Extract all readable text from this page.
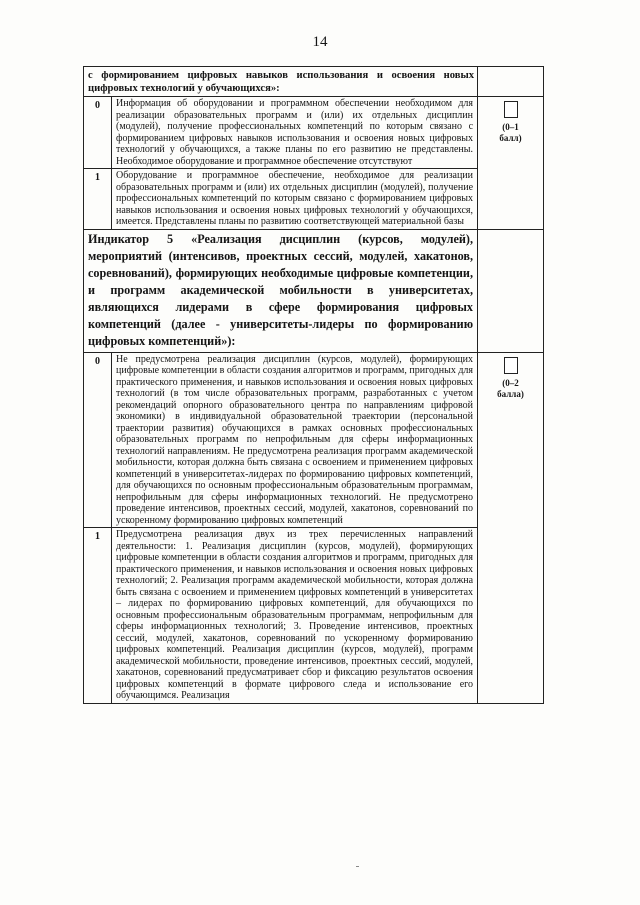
14
с формированием цифровых навыков использования и освоения новых цифровых технологий у обучающихся»:		

0	Информация об оборудовании и программном обеспечении необходимом для реализации образовательных программ и (или) их отдельных дисциплин (модулей), получение профессиональных компетенций по которым связано с формированием цифровых навыков использования и освоения новых цифровых технологий у обучающихся, а также планы по его развитию не представлены. Необходимое оборудование и программное обеспечение отсутствуют	(0–1
балл)

1	Оборудование и программное обеспечение, необходимое для реализации образовательных программ и (или) их отдельных дисциплин (модулей), получение профессиональных компетенций по которым связано с формированием цифровых навыков использования и освоения новых цифровых технологий у обучающихся, имеется. Представлены планы по развитию соответствующей материальной базы	

Индикатор 5 «Реализация дисциплин (курсов, модулей), мероприятий (интенсивов, проектных сессий, модулей, хакатонов, соревнований), формирующих необходимые цифровые компетенции, и программ академической мобильности в университетах, являющихся лидерами в сфере формирования цифровых компетенций (далее - университеты-лидеры по формированию цифровых компетенций»):		

0	Не предусмотрена реализация дисциплин (курсов, модулей), формирующих цифровые компетенции в области создания алгоритмов и программ, пригодных для практического применения, и навыков использования и освоения новых цифровых технологий (в том числе образовательных программ, разработанных с учетом рекомендаций опорного образовательного центра по направлениям цифровой экономики) в индивидуальной образовательной траектории (персональной траектории развития) обучающихся в рамках основных профессиональных образовательных программ по непрофильным для сферы информационных технологий направлениям. Не предусмотрена реализация программ академической мобильности, которая должна быть связана с освоением и применением цифровых компетенций в университетах-лидерах по формированию цифровых компетенций, для обучающихся по основным профессиональным образовательным программам, непрофильным для сферы информационных технологий. Не предусмотрено проведение интенсивов, проектных сессий, модулей, хакатонов, соревнований по ускоренному формированию цифровых компетенций	(0–2
балла)

1	Предусмотрена реализация двух из трех перечисленных направлений деятельности: 1. Реализация дисциплин (курсов, модулей), формирующих цифровые компетенции в области создания алгоритмов и программ, пригодных для практического применения, и навыков использования и освоения новых цифровых технологий; 2. Реализация программ академической мобильности, которая должна быть связана с освоением и применением цифровых компетенций в университетах – лидерах по формированию цифровых компетенций, для обучающихся по основным профессиональным образовательным программам, непрофильным для сферы информационных технологий; 3. Проведение интенсивов, проектных сессий, модулей, хакатонов, соревнований по ускоренному формированию цифровых компетенций. Реализация дисциплин (курсов, модулей), программ академической мобильности, проведение интенсивов, проектных сессий, модулей, хакатонов, соревнований предусматривает сбор и фиксацию результатов освоения цифровых компетенций в формате цифрового следа и использование его обучающимся. Реализация	
